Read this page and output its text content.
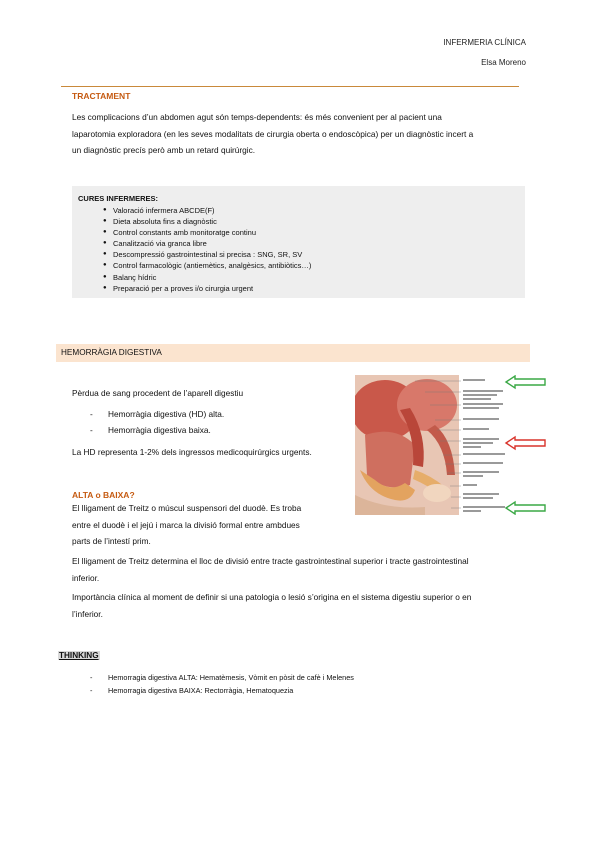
INFERMERIA CLÍNICA
Elsa Moreno
TRACTAMENT
Les complicacions d’un abdomen agut són temps-dependents: és més convenient per al pacient una
laparotomia exploradora (en les seves modalitats de cirurgia oberta o endoscòpica) per un diagnòstic incert a
un diagnòstic precís però amb un retard quirúrgic.
CURES INFERMERES:
● Valoració infermera ABCDE(F)
● Dieta absoluta fins a diagnòstic
● Control constants amb monitoratge continu
● Canalització via granca libre
● Descompressió gastrointestinal si precisa : SNG, SR, SV
● Control farmacològic (antiemètics, analgèsics, antibiòtics…)
● Balanç hídric
● Preparació per a proves i/o cirurgia urgent
HEMORRÀGIA DIGESTIVA
Pèrdua de sang procedent de l’aparell digestiu
- Hemorràgia digestiva (HD) alta.
- Hemorràgia digestiva baixa.
La HD representa 1-2% dels ingressos medicoquirúrgics urgents.
ALTA o BAIXA?
El lligament de Treitz o múscul suspensori del duodè. Es troba
entre el duodè i el jejú i marca la divisió formal entre ambdues
parts de l’intestí prim.
El lligament de Treitz determina el lloc de divisió entre tracte gastrointestinal superior i tracte gastrointestinal
inferior.
Importància clínica al moment de definir si una patologia o lesió s’origina en el sistema digestiu superior o en
l’inferior.
THINKING
- Hemorragia digestiva ALTA: Hematèmesis, Vòmit en pòsit de cafè i Melenes
- Hemorragia digestiva BAIXA: Rectorràgia, Hematoquezia
